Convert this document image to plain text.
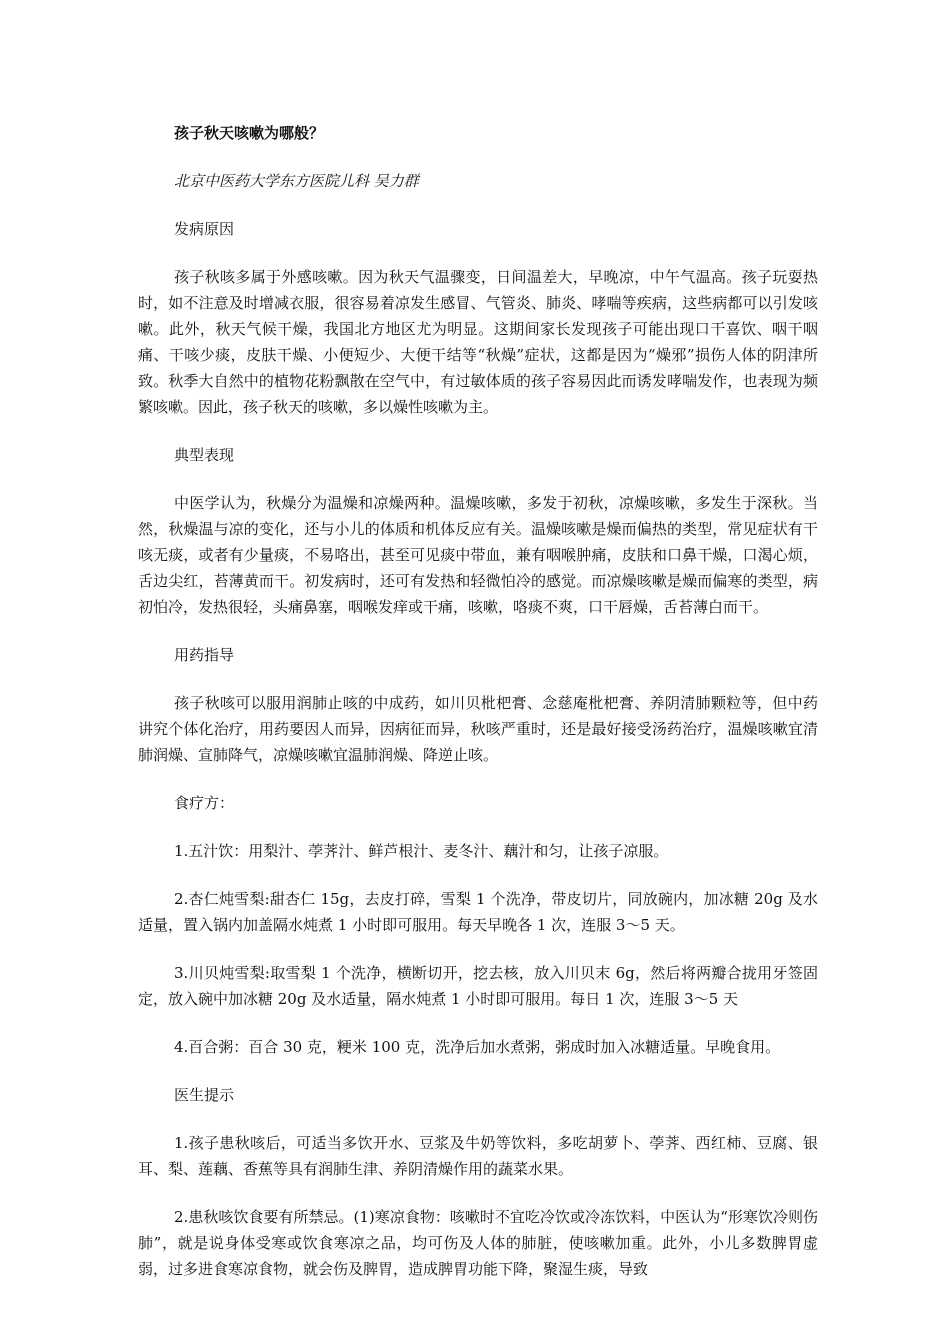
孩子秋天咳嗽为哪般？

北京中医药大学东方医院儿科 吴力群

发病原因

孩子秋咳多属于外感咳嗽。因为秋天气温骤变，日间温差大，早晚凉，中午气温高。孩子玩耍热时，如不注意及时增减衣服，很容易着凉发生感冒、气管炎、肺炎、哮喘等疾病，这些病都可以引发咳嗽。此外，秋天气候干燥，我国北方地区尤为明显。这期间家长发现孩子可能出现口干喜饮、咽干咽痛、干咳少痰，皮肤干燥、小便短少、大便干结等“秋燥”症状，这都是因为“燥邪”损伤人体的阴津所致。秋季大自然中的植物花粉飘散在空气中，有过敏体质的孩子容易因此而诱发哮喘发作，也表现为频繁咳嗽。因此，孩子秋天的咳嗽，多以燥性咳嗽为主。

典型表现

中医学认为，秋燥分为温燥和凉燥两种。温燥咳嗽，多发于初秋，凉燥咳嗽，多发生于深秋。当然，秋燥温与凉的变化，还与小儿的体质和机体反应有关。温燥咳嗽是燥而偏热的类型，常见症状有干咳无痰，或者有少量痰，不易咯出，甚至可见痰中带血，兼有咽喉肿痛，皮肤和口鼻干燥，口渴心烦，舌边尖红，苔薄黄而干。初发病时，还可有发热和轻微怕冷的感觉。而凉燥咳嗽是燥而偏寒的类型，病初怕冷，发热很轻，头痛鼻塞，咽喉发痒或干痛，咳嗽，咯痰不爽，口干唇燥，舌苔薄白而干。

用药指导

孩子秋咳可以服用润肺止咳的中成药，如川贝枇杷膏、念慈庵枇杷膏、养阴清肺颗粒等，但中药讲究个体化治疗，用药要因人而异，因病征而异，秋咳严重时，还是最好接受汤药治疗，温燥咳嗽宜清肺润燥、宣肺降气，凉燥咳嗽宜温肺润燥、降逆止咳。

食疗方：

1.五汁饮：用梨汁、荸荠汁、鲜芦根汁、麦冬汁、藕汁和匀，让孩子凉服。

2.杏仁炖雪梨:甜杏仁 15g，去皮打碎，雪梨 1 个洗净，带皮切片，同放碗内，加冰糖 20g 及水适量，置入锅内加盖隔水炖煮 1 小时即可服用。每天早晚各 1 次，连服 3～5 天。

3.川贝炖雪梨:取雪梨 1 个洗净，横断切开，挖去核，放入川贝末 6g，然后将两瓣合拢用牙签固定，放入碗中加冰糖 20g 及水适量，隔水炖煮 1 小时即可服用。每日 1 次，连服 3～5 天

4.百合粥：百合 30 克，粳米 100 克，洗净后加水煮粥，粥成时加入冰糖适量。早晚食用。

医生提示

1.孩子患秋咳后，可适当多饮开水、豆浆及牛奶等饮料，多吃胡萝卜、荸荠、西红柿、豆腐、银耳、梨、莲藕、香蕉等具有润肺生津、养阴清燥作用的蔬菜水果。

2.患秋咳饮食要有所禁忌。(1)寒凉食物：咳嗽时不宜吃冷饮或冷冻饮料，中医认为“形寒饮冷则伤肺”，就是说身体受寒或饮食寒凉之品，均可伤及人体的肺脏，使咳嗽加重。此外，小儿多数脾胃虚弱，过多进食寒凉食物，就会伤及脾胃，造成脾胃功能下降，聚湿生痰，导致
